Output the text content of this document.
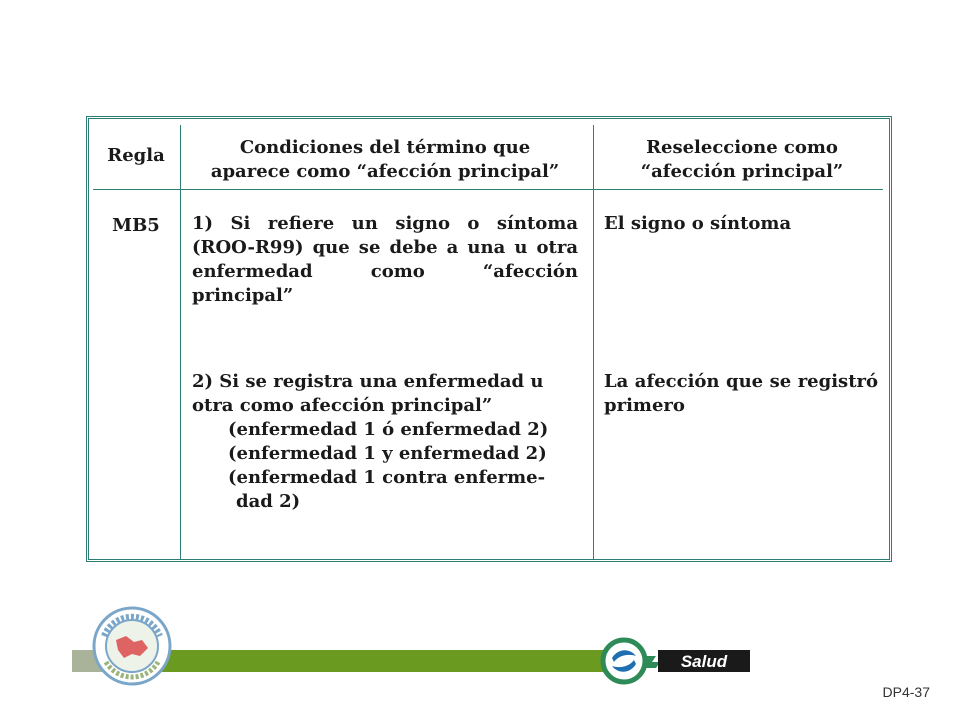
Regla	Condiciones del término que
aparece como “afección principal”
Reseleccione como
“afección principal”
MB5	1) Si refiere un signo o síntoma (ROO-R99) que se debe a una u otra enfermedad como “afección principal”
El signo o síntoma
2) Si se registra una enfermedad u
otra como afección principal”
(enfermedad 1 ó enfermedad 2)
(enfermedad 1 y enfermedad 2)
(enfermedad 1 contra enferme-
dad 2)
La afección que se registró primero
Salud
DP4-37
